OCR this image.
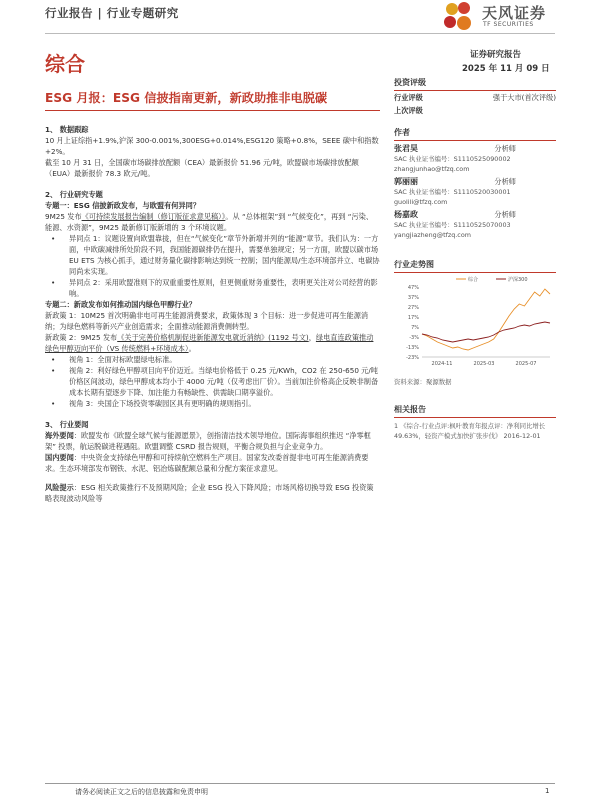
行业报告 | 行业专题研究	天风证券
TF SECURITIES
综合	证券研究报告
2025 年 11 月 09 日
ESG 月报：ESG 信披指南更新，新政助推非电脱碳

1、 数据跟踪

10 月上证综指+1.9%,沪深 300-0.001%,300ESG+0.014%,ESG120 策略+0.8%，SEEE 碳中和指数+2%。

截至 10 月 31 日，全国碳市场碳排放配额（CEA）最新报价 51.96 元/吨，欧盟碳市场碳排放配额（EUA）最新报价 78.3 欧元/吨。

2、 行业研究专题

专题一：ESG 信披新政发布，与欧盟有何异同？

9M25 发布《可持续发展报告编制（修订版征求意见稿）》。从 “总体框架”到 “气候变化”，再到 “污染、能源、水资源”，9M25 最新修订版新增的 3 个环境议题。

• 异同点 1：议题设置向欧盟靠拢，但在“气候变化”章节外新增并列的“能源”章节。我们认为：一方面，中欧碳减排所处阶段不同，我国能源碳排仍在提升，需要单独规定；另一方面，欧盟以碳市场 EU ETS 为核心抓手，通过财务量化碳排影响达到统一控制；国内能源局/生态环境部并立、电碳协同尚未实现。

• 异同点 2：采用欧盟准则下的双重重要性原则，但更侧重财务重要性，表明更关注对公司经营的影响。

专题二：新政发布如何推动国内绿色甲醇行业？

新政策 1：10M25 首次明确非电可再生能源消费要求，政策体现 3 个目标：进一步促进可再生能源消纳；为绿色燃料等新兴产业创造需求；全面推动能源消费侧转型。

新政策 2：9M25 发布《关于完善价格机制促进新能源发电就近消纳》(1192 号文)，绿电直连政策推动绿色甲醇迈向平价（VS 传统燃料+环境成本）。

• 视角 1：全面对标欧盟绿电标准。

• 视角 2：利好绿色甲醇项目向平价迈近。当绿电价格低于 0.25 元/KWh，CO2 在 250-650 元/吨价格区间波动，绿色甲醇成本均小于 4000 元/吨（仅考虑出厂价）。当前加注价格高企反映非制备成本长期有望逐步下降、加注能力有畅缺性、供需缺口期享溢价。

• 视角 3：央国企下场投资零碳园区具有更明确的规则指引。

3、 行业要闻

海外要闻：欧盟发布《欧盟全球气候与能源愿景》，创指清洁技术领导地位。国际海事组织推迟 “净零框架” 投票，航运脱碳进程遇阻。欧盟调整 CSRD 报告规则，平衡合规负担与企业竞争力。

国内要闻：中央资金支持绿色甲醇和可持续航空燃料生产项目。国家发改委首提非电可再生能源消费要求。生态环境部发布钢铁、水泥、铝冶炼碳配额总量和分配方案征求意见。

风险提示：ESG 相关政策推行不及预期风险；企业 ESG 投入下降风险；市场风格切换导致 ESG 投资策略表现波动风险等

投资评级
行业评级	强于大市(首次评级)
上次评级
作者
张君昊	分析师
SAC 执业证书编号：S1110525090002
zhangjunhao@tfzq.com
郭丽丽	分析师
SAC 执业证书编号：S1110520030001
guolili@tfzq.com
杨嘉政	分析师
SAC 执业证书编号：S1110525070003
yangjiazheng@tfzq.com
行业走势图
47%
37%
27%
17%
7%
-3%
-13%
-23%
2024-11	2025-03	2025-07
综合	沪深300
资料来源：聚源数据
相关报告
1 《综合-行业点评:枫叶教育年报点评：净利同比增长 49.63%，轻资产模式加快扩张步伐》 2016-12-01
请务必阅读正文之后的信息披露和免责申明	1
